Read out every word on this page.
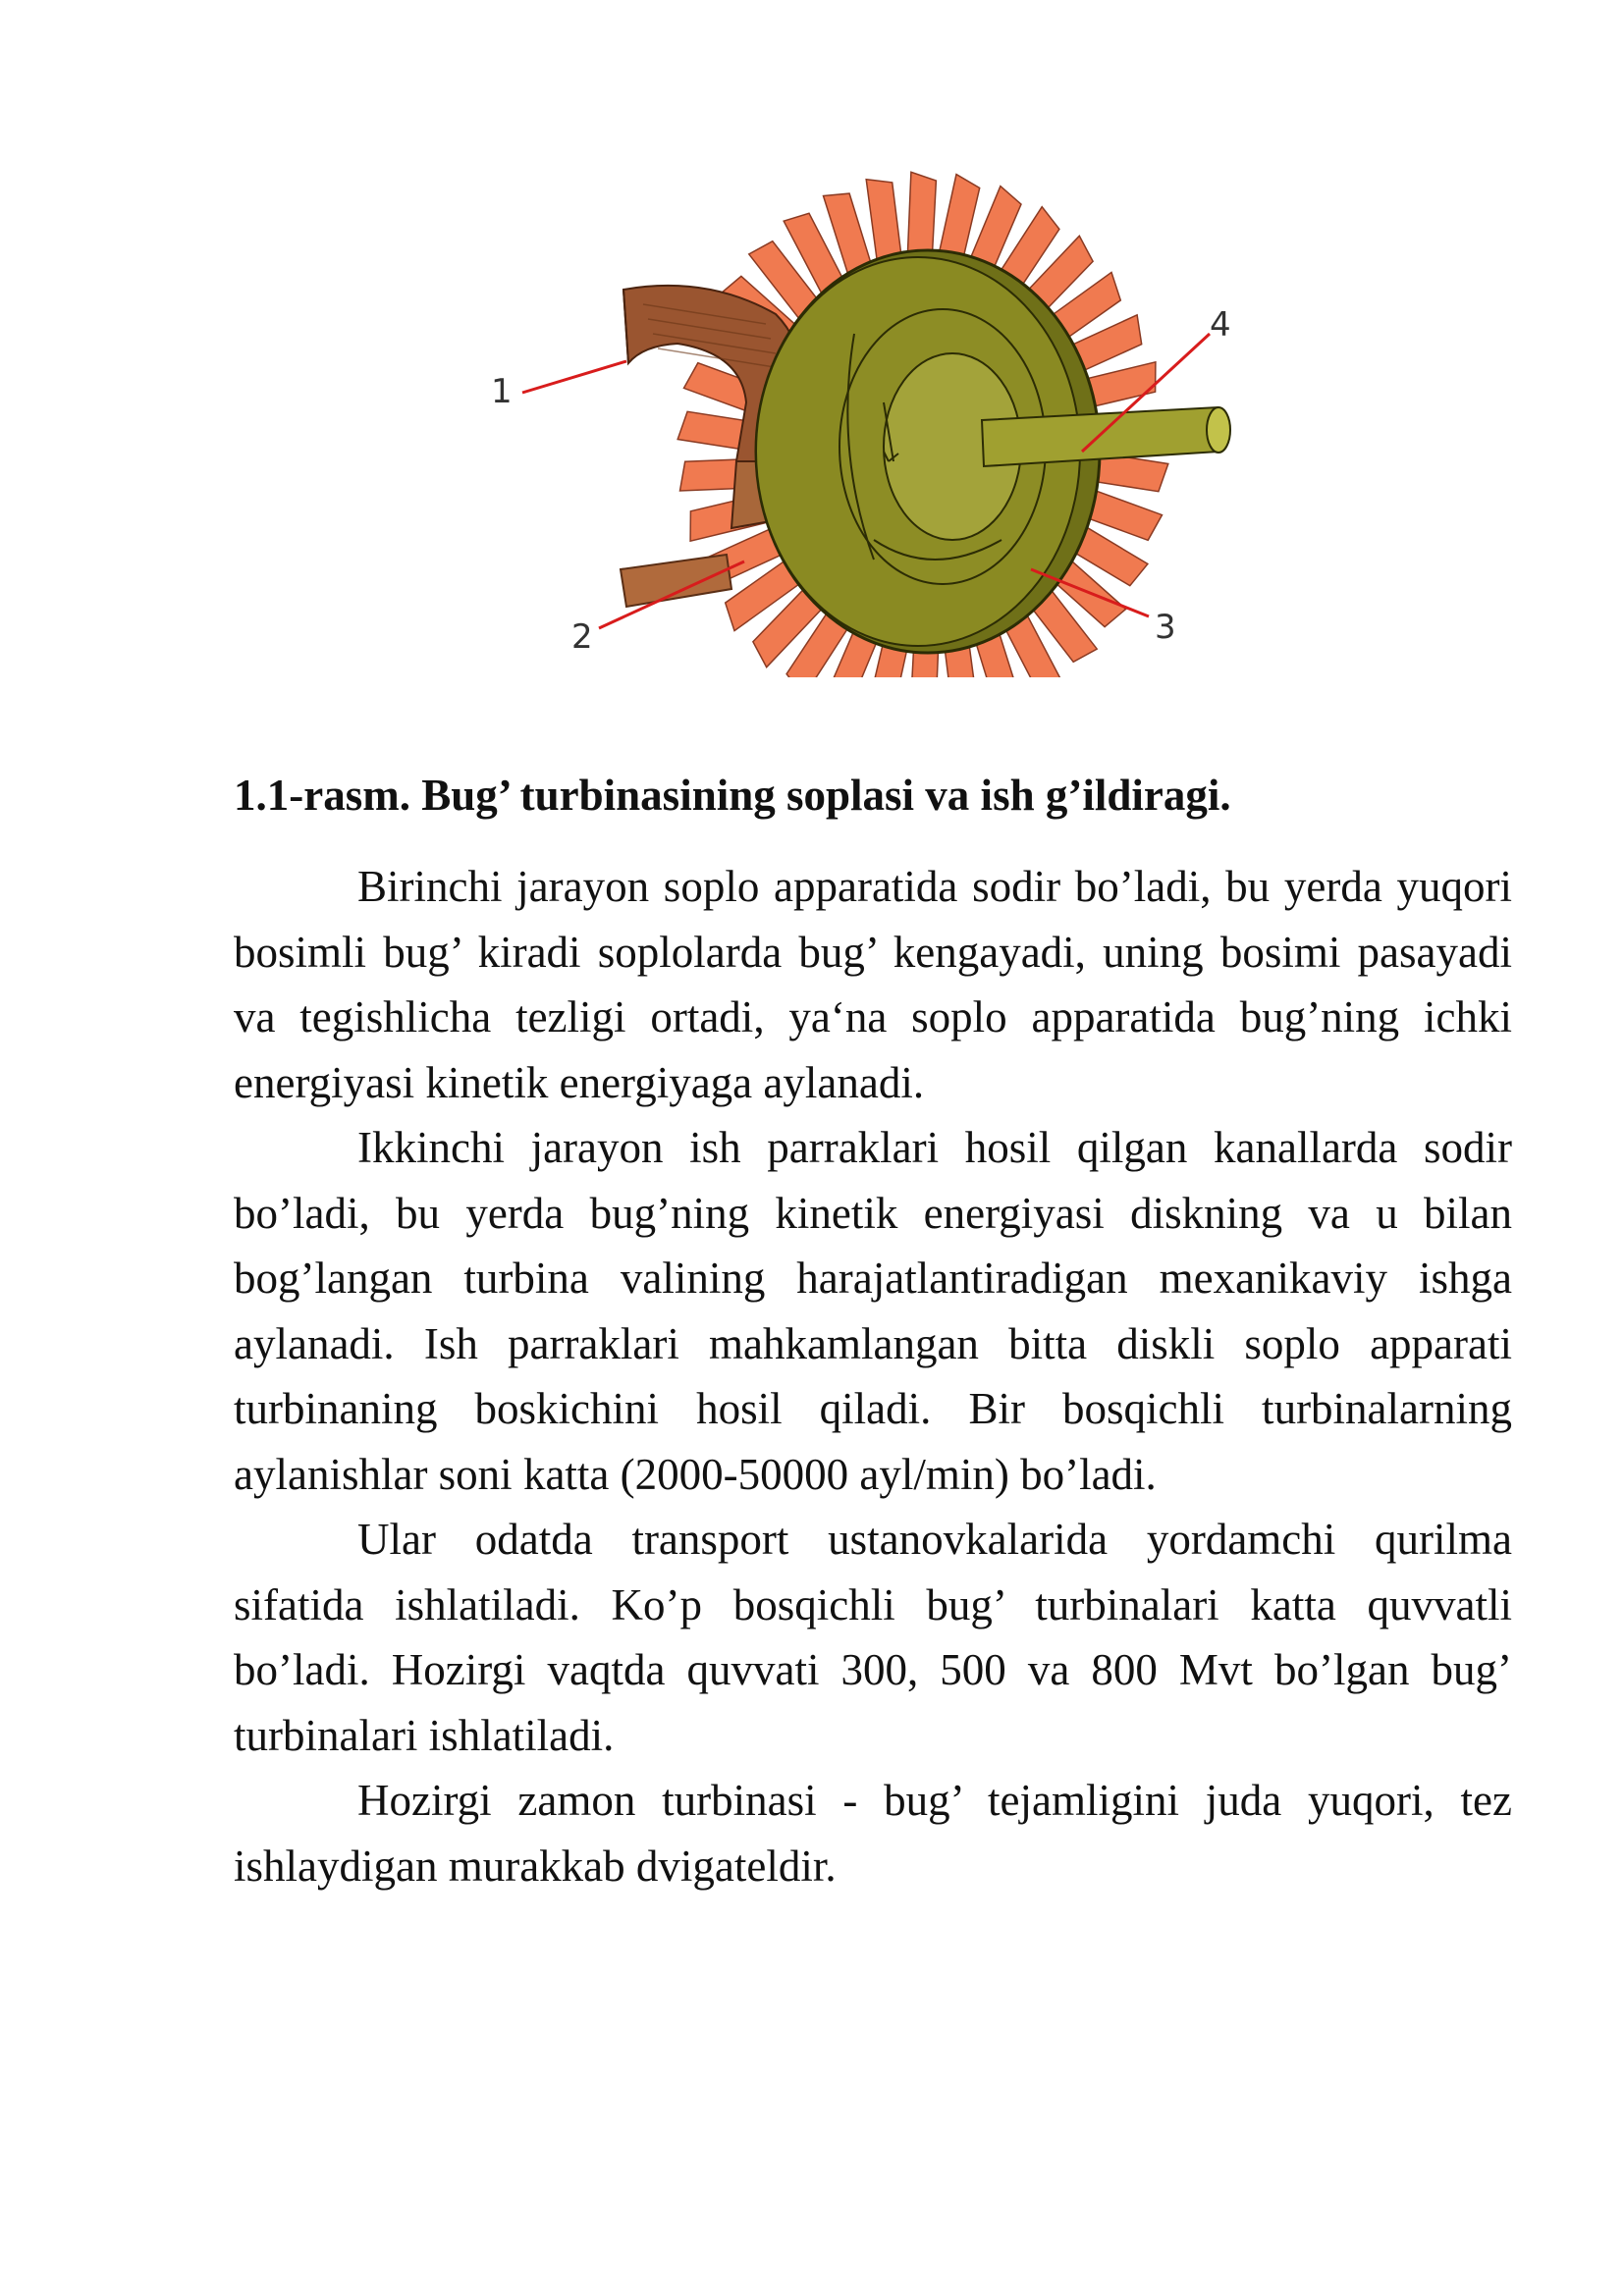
1
2	3
4

1.1-rasm. Bug’ turbinasining soplasi va ish g’ildiragi.

Birinchi jarayon soplo apparatida sodir bo’ladi, bu yerda yuqori bosimli bug’ kiradi soplolarda bug’ kengayadi, uning bosimi pasayadi va tegishlicha tezligi ortadi, ya‘na soplo apparatida bug’ning ichki energiyasi kinetik energiyaga aylanadi.

Ikkinchi jarayon ish parraklari hosil qilgan kanallarda sodir bo’ladi, bu yerda bug’ning kinetik energiyasi diskning va u bilan bog’langan turbina valining harajatlantiradigan mexanikaviy ishga aylanadi. Ish parraklari mahkamlangan bitta diskli soplo apparati turbinaning boskichini hosil qiladi. Bir bosqichli turbinalarning aylanishlar soni katta (2000-50000 ayl/min) bo’ladi.

Ular odatda transport ustanovkalarida yordamchi qurilma sifatida ishlatiladi. Ko’p bosqichli bug’ turbinalari katta quvvatli bo’ladi. Hozirgi vaqtda quvvati 300, 500 va 800 Mvt bo’lgan bug’ turbinalari ishlatiladi.

Hozirgi zamon turbinasi - bug’ tejamligini juda yuqori, tez ishlaydigan murakkab dvigateldir.
